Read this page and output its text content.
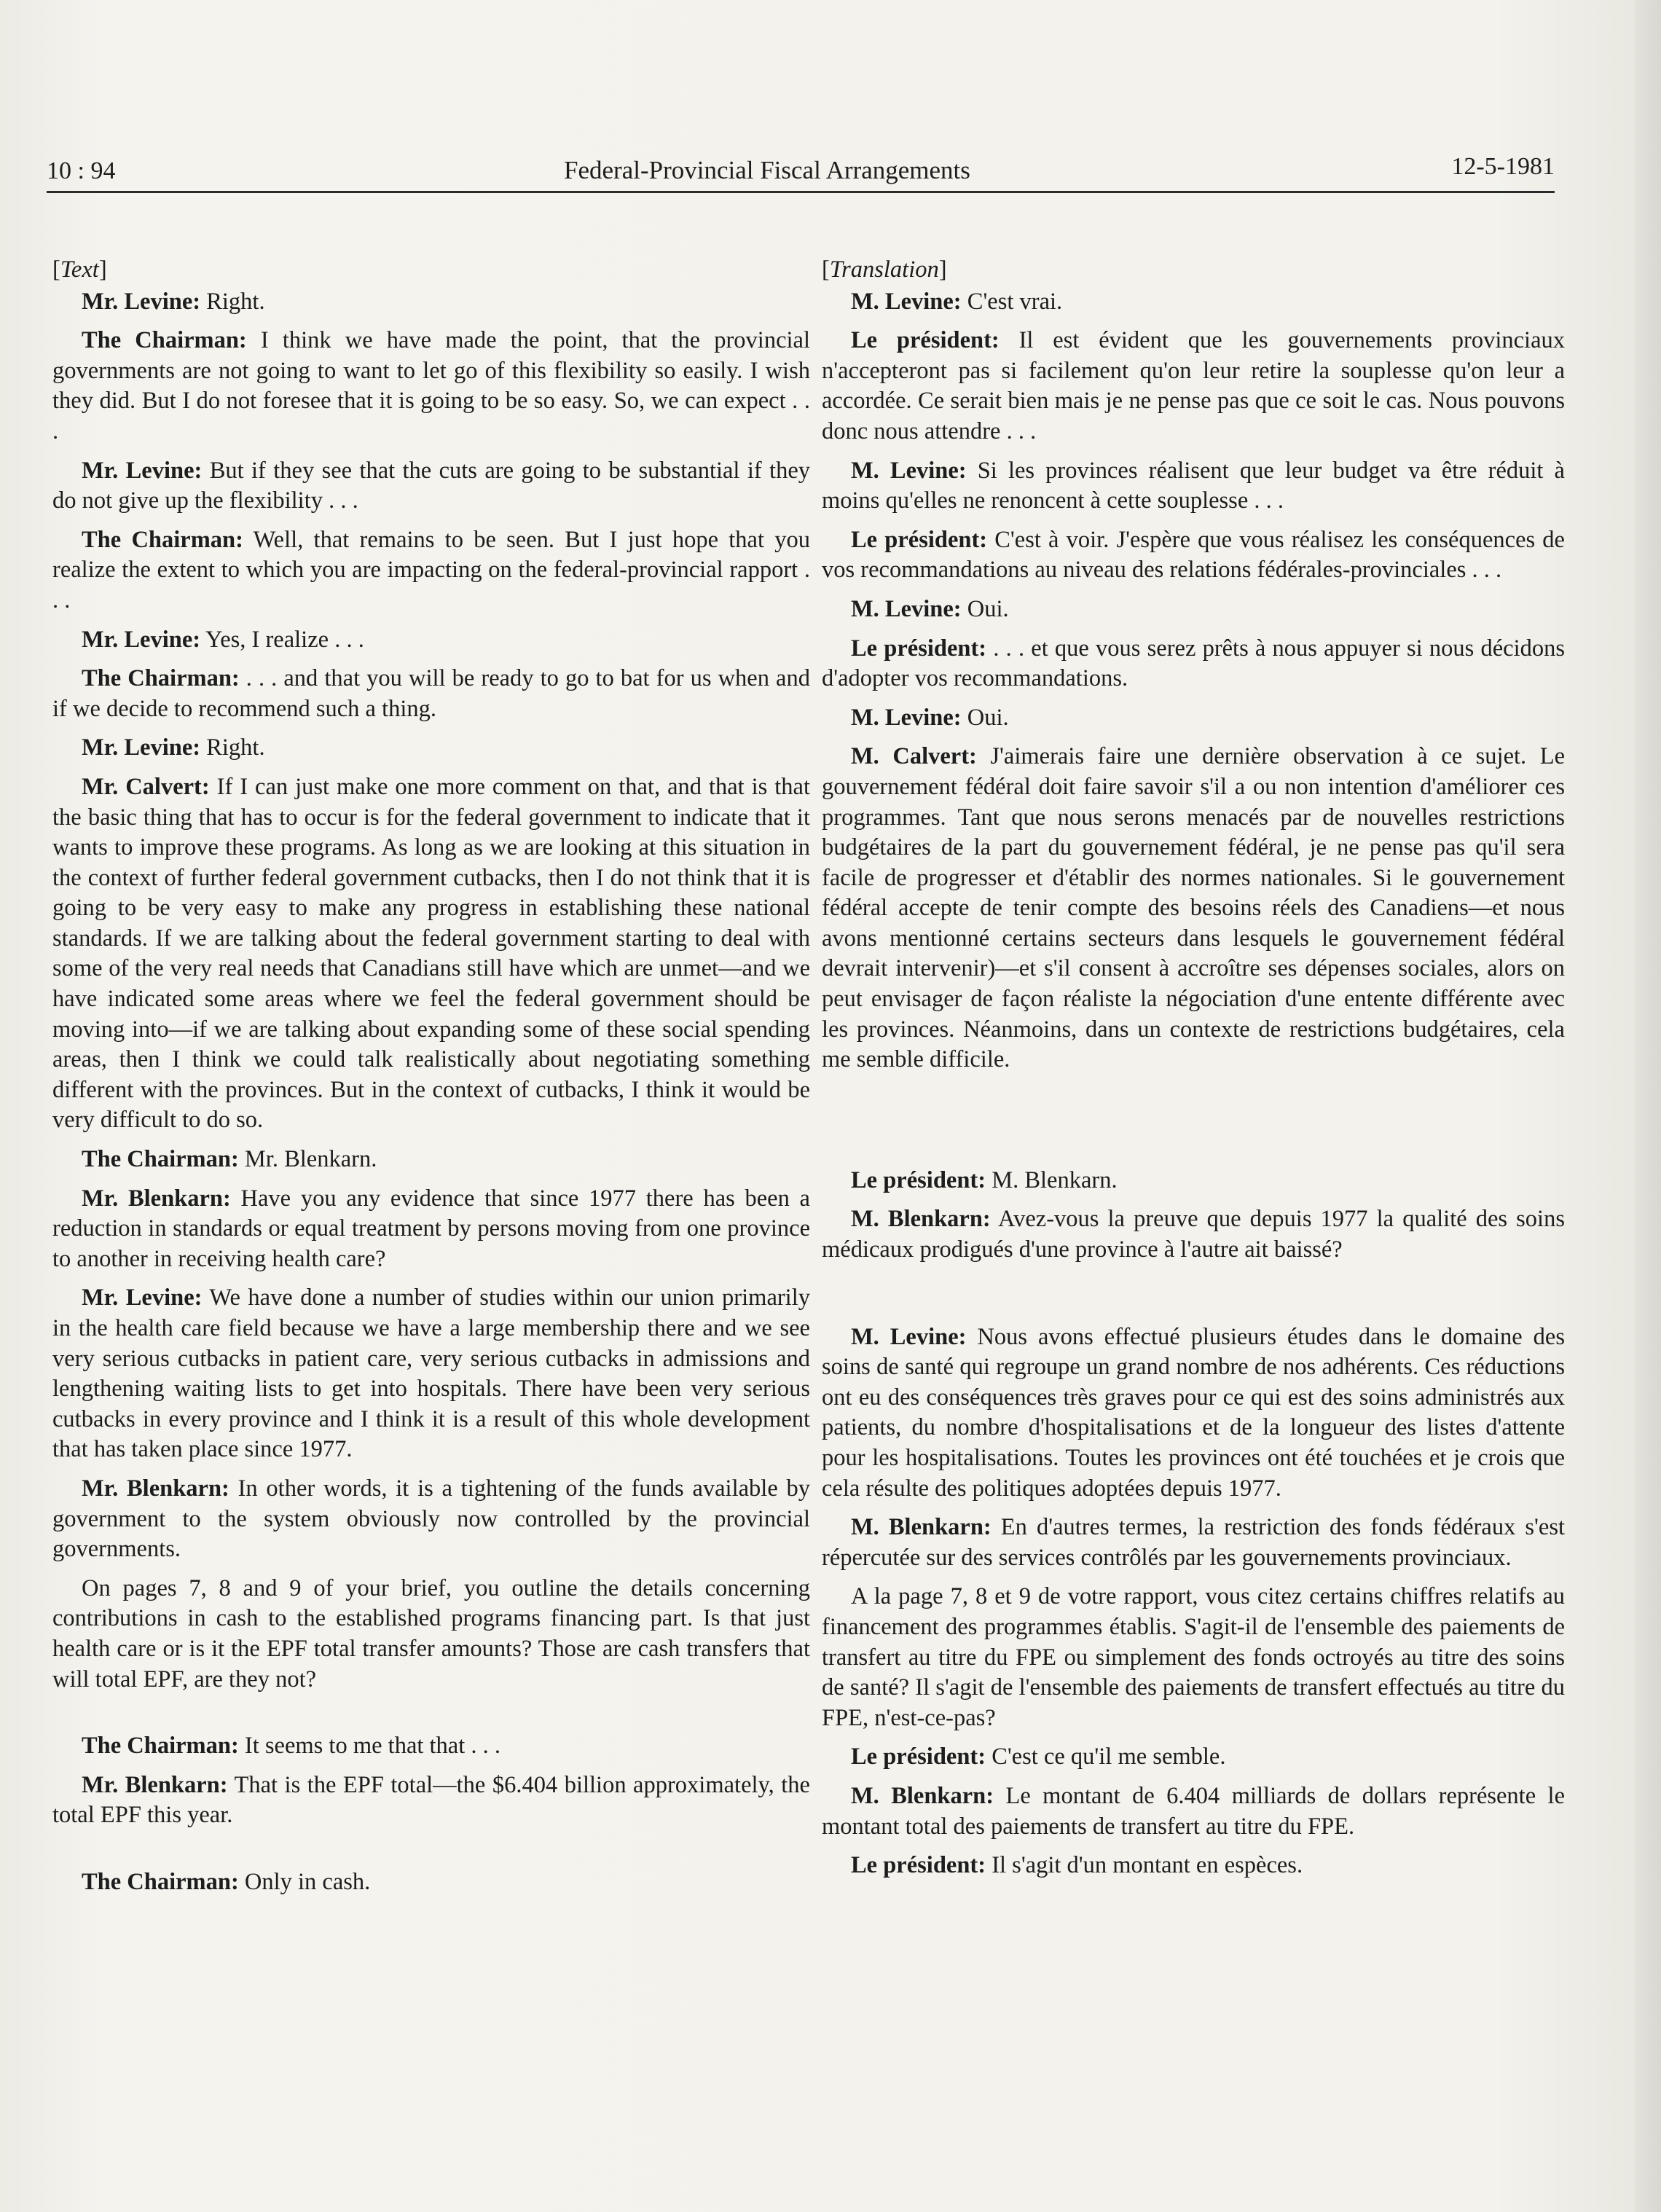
10 : 94	Federal-Provincial Fiscal Arrangements	12-5-1981

[Text]

Mr. Levine: Right.

The Chairman: I think we have made the point, that the provincial governments are not going to want to let go of this flexibility so easily. I wish they did. But I do not foresee that it is going to be so easy. So, we can expect . . .

Mr. Levine: But if they see that the cuts are going to be substantial if they do not give up the flexibility . . .

The Chairman: Well, that remains to be seen. But I just hope that you realize the extent to which you are impacting on the federal-provincial rapport . . .

Mr. Levine: Yes, I realize . . .

The Chairman: . . . and that you will be ready to go to bat for us when and if we decide to recommend such a thing.

Mr. Levine: Right.

Mr. Calvert: If I can just make one more comment on that, and that is that the basic thing that has to occur is for the federal government to indicate that it wants to improve these programs. As long as we are looking at this situation in the context of further federal government cutbacks, then I do not think that it is going to be very easy to make any progress in establishing these national standards. If we are talking about the federal government starting to deal with some of the very real needs that Canadians still have which are unmet—and we have indicated some areas where we feel the federal government should be moving into—if we are talking about expanding some of these social spending areas, then I think we could talk realistically about negotiating something different with the provinces. But in the context of cutbacks, I think it would be very difficult to do so.

The Chairman: Mr. Blenkarn.

Mr. Blenkarn: Have you any evidence that since 1977 there has been a reduction in standards or equal treatment by persons moving from one province to another in receiving health care?

Mr. Levine: We have done a number of studies within our union primarily in the health care field because we have a large membership there and we see very serious cutbacks in patient care, very serious cutbacks in admissions and lengthening waiting lists to get into hospitals. There have been very serious cutbacks in every province and I think it is a result of this whole development that has taken place since 1977.

Mr. Blenkarn: In other words, it is a tightening of the funds available by government to the system obviously now controlled by the provincial governments.

On pages 7, 8 and 9 of your brief, you outline the details concerning contributions in cash to the established programs financing part. Is that just health care or is it the EPF total transfer amounts? Those are cash transfers that will total EPF, are they not?

The Chairman: It seems to me that that . . .

Mr. Blenkarn: That is the EPF total—the $6.404 billion approximately, the total EPF this year.

The Chairman: Only in cash.

[Translation]

M. Levine: C'est vrai.

Le président: Il est évident que les gouvernements provinciaux n'accepteront pas si facilement qu'on leur retire la souplesse qu'on leur a accordée. Ce serait bien mais je ne pense pas que ce soit le cas. Nous pouvons donc nous attendre . . .

M. Levine: Si les provinces réalisent que leur budget va être réduit à moins qu'elles ne renoncent à cette souplesse . . .

Le président: C'est à voir. J'espère que vous réalisez les conséquences de vos recommandations au niveau des relations fédérales-provinciales . . .

M. Levine: Oui.

Le président: . . . et que vous serez prêts à nous appuyer si nous décidons d'adopter vos recommandations.

M. Levine: Oui.

M. Calvert: J'aimerais faire une dernière observation à ce sujet. Le gouvernement fédéral doit faire savoir s'il a ou non intention d'améliorer ces programmes. Tant que nous serons menacés par de nouvelles restrictions budgétaires de la part du gouvernement fédéral, je ne pense pas qu'il sera facile de progresser et d'établir des normes nationales. Si le gouvernement fédéral accepte de tenir compte des besoins réels des Canadiens—et nous avons mentionné certains secteurs dans lesquels le gouvernement fédéral devrait intervenir)—et s'il consent à accroître ses dépenses sociales, alors on peut envisager de façon réaliste la négociation d'une entente différente avec les provinces. Néanmoins, dans un contexte de restrictions budgétaires, cela me semble difficile.

Le président: M. Blenkarn.

M. Blenkarn: Avez-vous la preuve que depuis 1977 la qualité des soins médicaux prodigués d'une province à l'autre ait baissé?

M. Levine: Nous avons effectué plusieurs études dans le domaine des soins de santé qui regroupe un grand nombre de nos adhérents. Ces réductions ont eu des conséquences très graves pour ce qui est des soins administrés aux patients, du nombre d'hospitalisations et de la longueur des listes d'attente pour les hospitalisations. Toutes les provinces ont été touchées et je crois que cela résulte des politiques adoptées depuis 1977.

M. Blenkarn: En d'autres termes, la restriction des fonds fédéraux s'est répercutée sur des services contrôlés par les gouvernements provinciaux.

A la page 7, 8 et 9 de votre rapport, vous citez certains chiffres relatifs au financement des programmes établis. S'agit-il de l'ensemble des paiements de transfert au titre du FPE ou simplement des fonds octroyés au titre des soins de santé? Il s'agit de l'ensemble des paiements de transfert effectués au titre du FPE, n'est-ce-pas?

Le président: C'est ce qu'il me semble.

M. Blenkarn: Le montant de 6.404 milliards de dollars représente le montant total des paiements de transfert au titre du FPE.

Le président: Il s'agit d'un montant en espèces.
